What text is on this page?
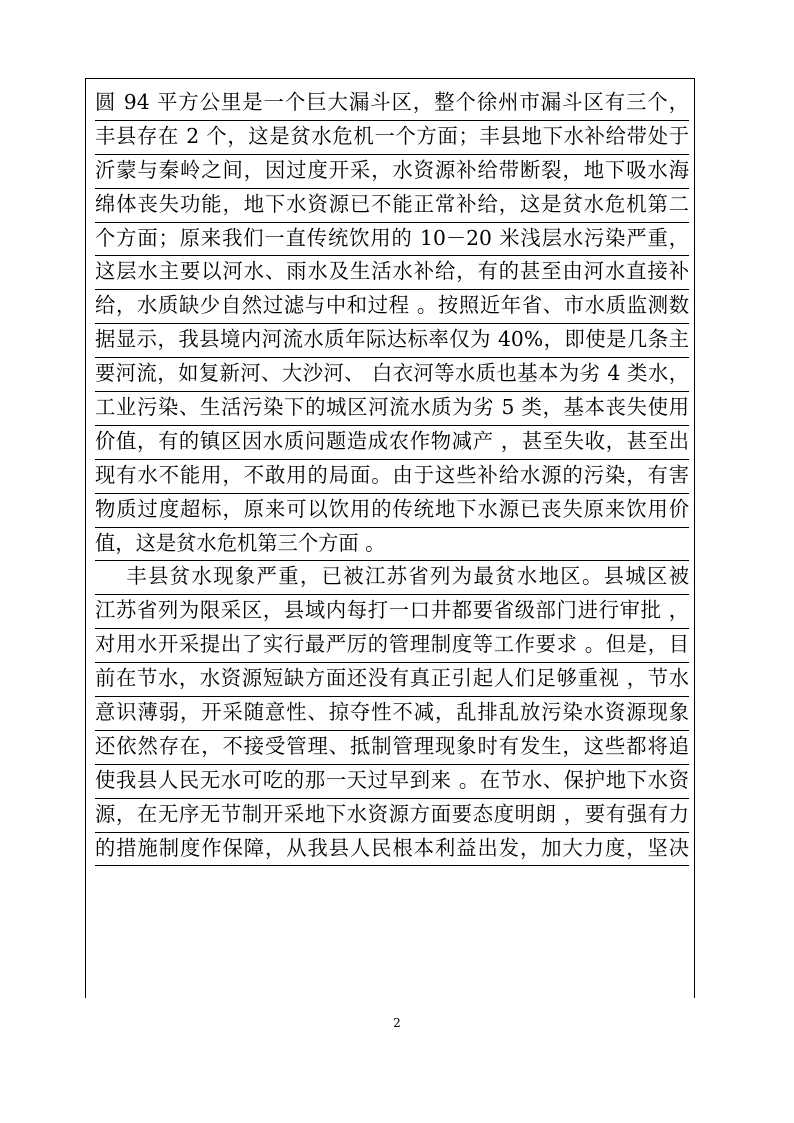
圆 94 平方公里是一个巨大漏斗区，整个徐州市漏斗区有三个，
丰县存在 2 个，这是贫水危机一个方面；丰县地下水补给带处于
沂蒙与秦岭之间，因过度开采，水资源补给带断裂，地下吸水海
绵体丧失功能，地下水资源已不能正常补给，这是贫水危机第二
个方面；原来我们一直传统饮用的 10－20 米浅层水污染严重，
这层水主要以河水、雨水及生活水补给，有的甚至由河水直接补
给，水质缺少自然过滤与中和过程 。按照近年省、市水质监测数
据显示，我县境内河流水质年际达标率仅为 40%，即使是几条主
要河流，如复新河、大沙河、 白衣河等水质也基本为劣 4 类水，
工业污染、生活污染下的城区河流水质为劣 5 类，基本丧失使用
价值，有的镇区因水质问题造成农作物减产 ，甚至失收，甚至出
现有水不能用，不敢用的局面。由于这些补给水源的污染，有害
物质过度超标，原来可以饮用的传统地下水源已丧失原来饮用价
值，这是贫水危机第三个方面 。
丰县贫水现象严重，已被江苏省列为最贫水地区。县城区被
江苏省列为限采区，县域内每打一口井都要省级部门进行审批 ，
对用水开采提出了实行最严厉的管理制度等工作要求 。但是，目
前在节水，水资源短缺方面还没有真正引起人们足够重视 ，节水
意识薄弱，开采随意性、掠夺性不减，乱排乱放污染水资源现象
还依然存在，不接受管理、抵制管理现象时有发生，这些都将追
使我县人民无水可吃的那一天过早到来 。在节水、保护地下水资
源，在无序无节制开采地下水资源方面要态度明朗 ，要有强有力
的措施制度作保障，从我县人民根本利益出发，加大力度，坚决
2
